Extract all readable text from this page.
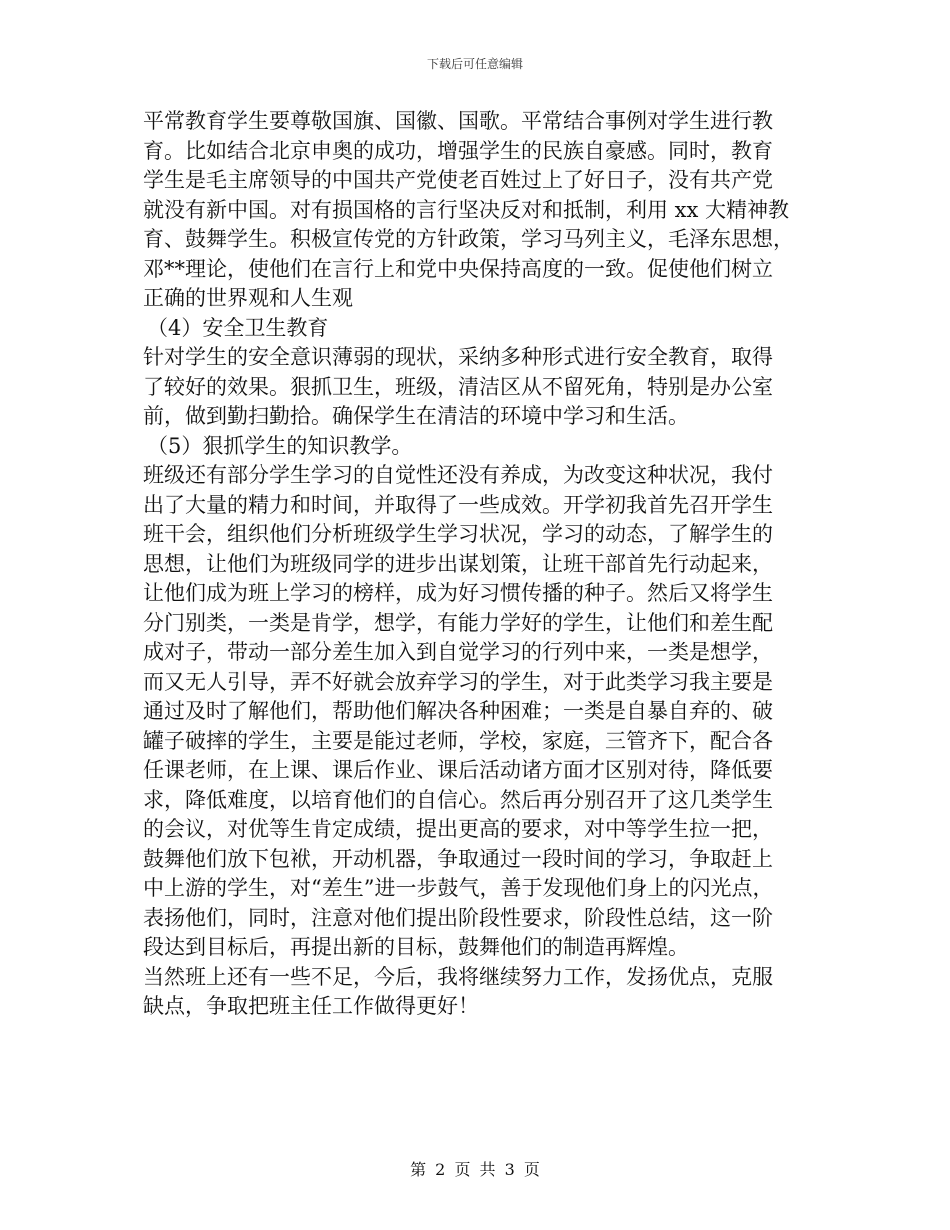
下载后可任意编辑
平常教育学生要尊敬国旗、国徽、国歌。平常结合事例对学生进行教
育。比如结合北京申奥的成功，增强学生的民族自豪感。同时，教育
学生是毛主席领导的中国共产党使老百姓过上了好日子，没有共产党
就没有新中国。对有损国格的言行坚决反对和抵制，利用 xx 大精神教
育、鼓舞学生。积极宣传党的方针政策，学习马列主义，毛泽东思想，
邓**理论，使他们在言行上和党中央保持高度的一致。促使他们树立
正确的世界观和人生观
（4）安全卫生教育
针对学生的安全意识薄弱的现状，采纳多种形式进行安全教育，取得
了较好的效果。狠抓卫生，班级，清洁区从不留死角，特别是办公室
前，做到勤扫勤拾。确保学生在清洁的环境中学习和生活。
（5）狠抓学生的知识教学。
班级还有部分学生学习的自觉性还没有养成，为改变这种状况，我付
出了大量的精力和时间，并取得了一些成效。开学初我首先召开学生
班干会，组织他们分析班级学生学习状况，学习的动态，了解学生的
思想，让他们为班级同学的进步出谋划策，让班干部首先行动起来，
让他们成为班上学习的榜样，成为好习惯传播的种子。然后又将学生
分门别类，一类是肯学，想学，有能力学好的学生，让他们和差生配
成对子，带动一部分差生加入到自觉学习的行列中来，一类是想学，
而又无人引导，弄不好就会放弃学习的学生，对于此类学习我主要是
通过及时了解他们，帮助他们解决各种困难；一类是自暴自弃的、破
罐子破摔的学生，主要是能过老师，学校，家庭，三管齐下，配合各
任课老师，在上课、课后作业、课后活动诸方面才区别对待，降低要
求，降低难度，以培育他们的自信心。然后再分别召开了这几类学生
的会议，对优等生肯定成绩，提出更高的要求，对中等学生拉一把，
鼓舞他们放下包袱，开动机器，争取通过一段时间的学习，争取赶上
中上游的学生，对“差生”进一步鼓气，善于发现他们身上的闪光点，
表扬他们，同时，注意对他们提出阶段性要求，阶段性总结，这一阶
段达到目标后，再提出新的目标，鼓舞他们的制造再辉煌。
当然班上还有一些不足，今后，我将继续努力工作，发扬优点，克服
缺点，争取把班主任工作做得更好！
第 2 页 共 3 页
